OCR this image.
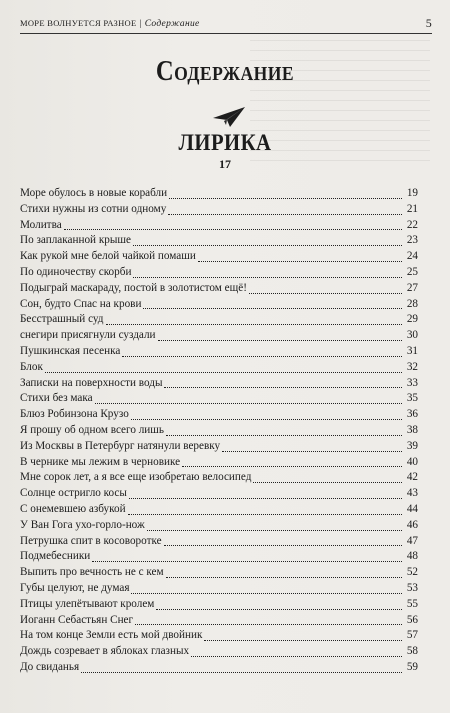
МОРЕ ВОЛНУЕТСЯ РАЗНОЕ | Содержание	5
Содержание
ЛИРИКА
17
Море обулось в новые корабли	19
Стихи нужны из сотни одному	21
Молитва	22
По заплаканной крыше	23
Как рукой мне белой чайкой помаши	24
По одиночеству скорби	25
Подыграй маскараду, постой в золотистом ещё!	27
Сон, будто Спас на крови	28
Бесстрашный суд	29
снегири присягнули суздали	30
Пушкинская песенка	31
Блок	32
Записки на поверхности воды	33
Стихи без мака	35
Блюз Робинзона Крузо	36
Я прошу об одном всего лишь	38
Из Москвы в Петербург натянули веревку	39
В чернике мы лежим в черновике	40
Мне сорок лет, а я все еще изобретаю велосипед	42
Солнце остригло косы	43
С онемевшею азбукой	44
У Ван Гога ухо-горло-нож	46
Петрушка спит в косоворотке	47
Подмебесники	48
Выпить про вечность не с кем	52
Губы целуют, не думая	53
Птицы улепётывают кролем	55
Иоганн Себастьян Снег	56
На том конце Земли есть мой двойник	57
Дождь созревает в яблоках глазных	58
До свиданья	59
